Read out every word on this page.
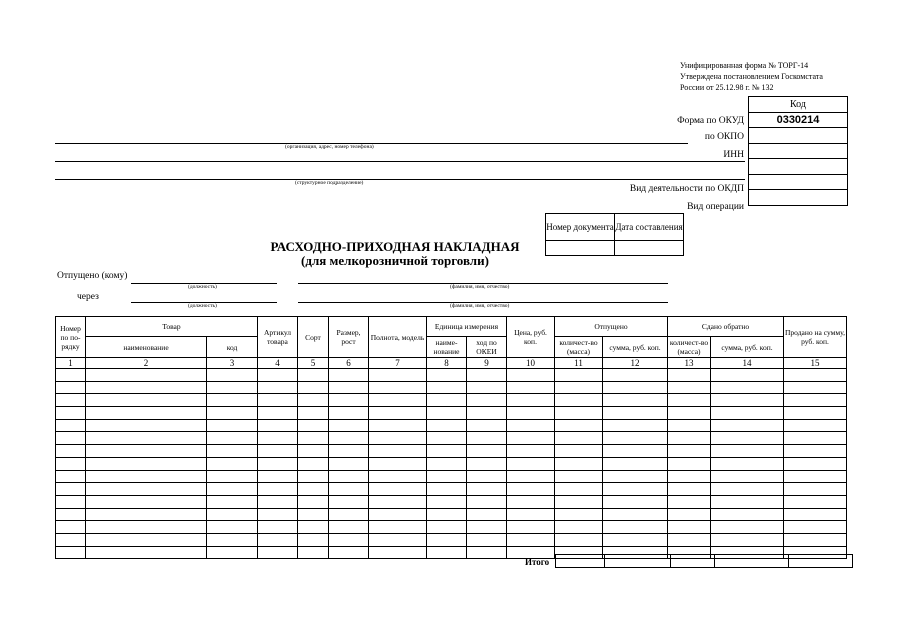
Унифицированная форма № ТОРГ-14
Утверждена постановлением Госкомстата
России от 25.12.98 г. № 132
Форма по ОКУД
по ОКПО
ИНН
Вид деятельности по ОКДП
Вид операции
Код
0330214

(организация, адрес, номер телефона)
(структурное подразделение)
Номер документа	Дата составления

РАСХОДНО-ПРИХОДНАЯ НАКЛАДНАЯ
(для мелкорозничной торговли)
Отпущено (кому)
(должность)	(фамилия, имя, отчество)
через
(должность)	(фамилия, имя, отчество)
Номер по по-рядку	Товар		Артикул товара	Сорт	Размер, рост	Полнота, модель	Единица измерения		Цена, руб. коп.	Отпущено		Сдано обратно		Продано на сумму, руб. коп.
	наименование	код					наиме-нование	ход по ОКЕИ		количест-во (масса)	сумма, руб. коп.	количест-во (масса)	сумма, руб. коп.	
1	2	3	4	5	6	7	8	9	10	11	12	13	14	15

Итого
